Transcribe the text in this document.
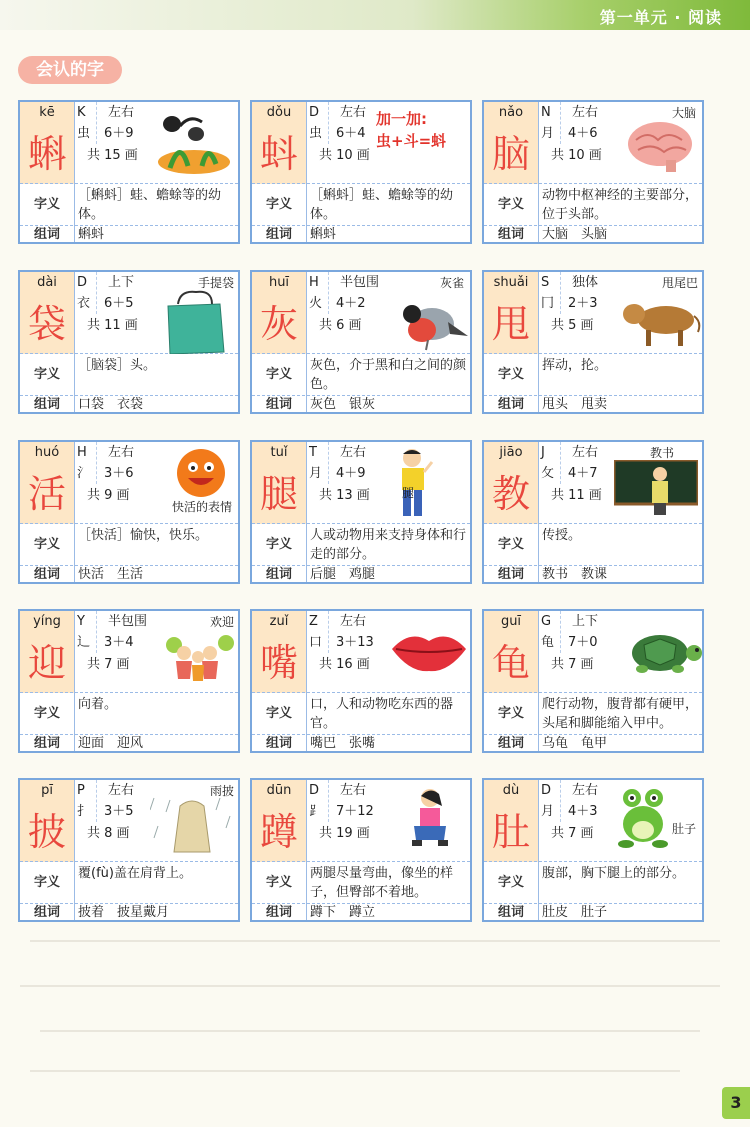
第一单元 · 阅读
会认的字
3
kē
蝌
K	左右
虫	6＋9
共 15 画
字义
［蝌蚪］蛙、蟾蜍等的幼体。
组词	蝌蚪
dǒu
蚪
D	左右
虫	6＋4
共 10 画
字义
［蝌蚪］蛙、蟾蜍等的幼体。
组词	蝌蚪
加一加:
虫+斗=蚪
nǎo
脑
N	左右
月	4＋6
共 10 画
字义
动物中枢神经的主要部分，位于头部。
组词	大脑　头脑
大脑
dài
袋
D	上下
衣	6＋5
共 11 画
字义
［脑袋］头。
组词	口袋　衣袋
手提袋	huī
灰
H	半包围
火	4＋2
共 6 画
字义
灰色，介于黑和白之间的颜色。
组词	灰色　银灰
灰雀	shuǎi
甩
S	独体
冂	2＋3
共 5 画
字义
挥动，抡。
组词	甩头　甩卖
甩尾巴
huó
活
H	左右
氵	3＋6
共 9 画
字义
［快活］愉快，快乐。
组词	快活　生活
快活的表情
tuǐ
腿
T	左右
月	4＋9
共 13 画
字义
人或动物用来支持身体和行走的部分。
组词	后腿　鸡腿
腿
jiāo
教
J	左右
攵	4＋7
共 11 画
字义
传授。
组词	教书　教课
教书
yíng
迎
Y	半包围
辶	3＋4
共 7 画
字义
向着。
组词	迎面　迎风
欢迎	zuǐ
嘴
Z	左右
口	3＋13
共 16 画
字义
口，人和动物吃东西的器官。
组词	嘴巴　张嘴
guī
龟
G	上下
龟	7＋0
共 7 画
字义
爬行动物，腹背都有硬甲，头尾和脚能缩入甲中。
组词	乌龟　龟甲
pī
披
P	左右
扌	3＋5
共 8 画
字义
覆(fù)盖在肩背上。
组词	披着　披星戴月
雨披	dūn
蹲
D	左右
⻊	7＋12
共 19 画
字义
两腿尽量弯曲，像坐的样子，但臀部不着地。
组词	蹲下　蹲立
dù
肚
D	左右
月	4＋3
共 7 画
字义
腹部，胸下腿上的部分。
组词	肚皮　肚子
肚子
